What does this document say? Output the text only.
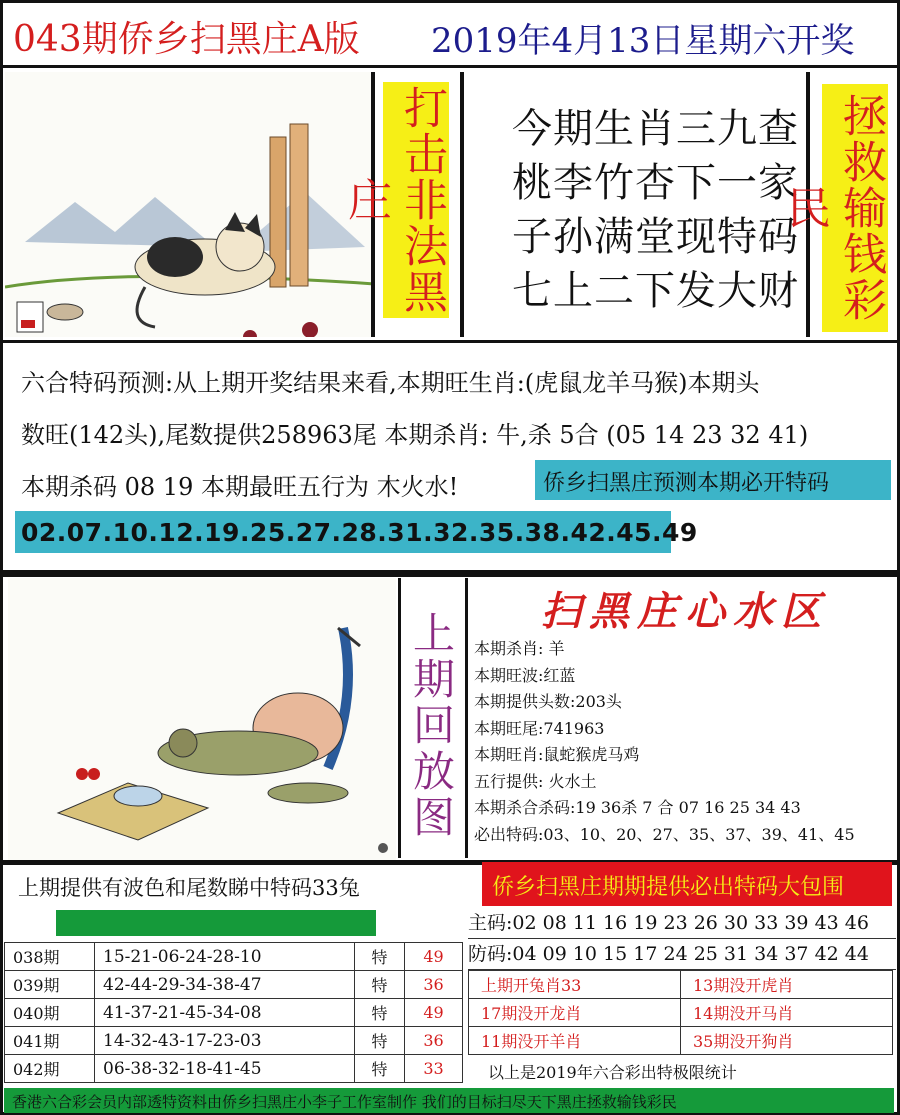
043期侨乡扫黑庄A版 2019年4月13日星期六开奖
打击非法黑庄
今期生肖三九查
桃李竹杏下一家
子孙满堂现特码
七上二下发大财 拯救输钱彩民
六合特码预测:从上期开奖结果来看,本期旺生肖:(虎鼠龙羊马猴)本期头
数旺(142头),尾数提供258963尾 本期杀肖: 牛,杀 5合 (05 14 23 32 41)
本期杀码 08 19 本期最旺五行为 木火水!	侨乡扫黑庄预测本期必开特码
02.07.10.12.19.25.27.28.31.32.35.38.42.45.49
上期回放图	扫黑庄心水区
本期杀肖: 羊
本期旺波:红蓝
本期提供头数:203头
本期旺尾:741963
本期旺肖:鼠蛇猴虎马鸡
五行提供: 火水土
本期杀合杀码:19 36杀 7 合 07 16 25 34 43
必出特码:03、10、20、27、35、37、39、41、45
上期提供有波色和尾数睇中特码33兔	侨乡扫黑庄期期提供必出特码大包围
038期	15-21-06-24-28-10	特	49
039期	42-44-29-34-38-47	特	36
040期	41-37-21-45-34-08	特	49
041期	14-32-43-17-23-03	特	36
042期	06-38-32-18-41-45	特	33
主码:02 08 11 16 19 23 26 30 33 39 43 46
防码:04 09 10 15 17 24 25 31 34 37 42 44
上期开兔肖33	13期没开虎肖
17期没开龙肖	14期没开马肖
11期没开羊肖	35期没开狗肖
以上是2019年六合彩出特极限统计
香港六合彩会员内部透特资料由侨乡扫黑庄小李子工作室制作 我们的目标扫尽天下黑庄拯救输钱彩民
